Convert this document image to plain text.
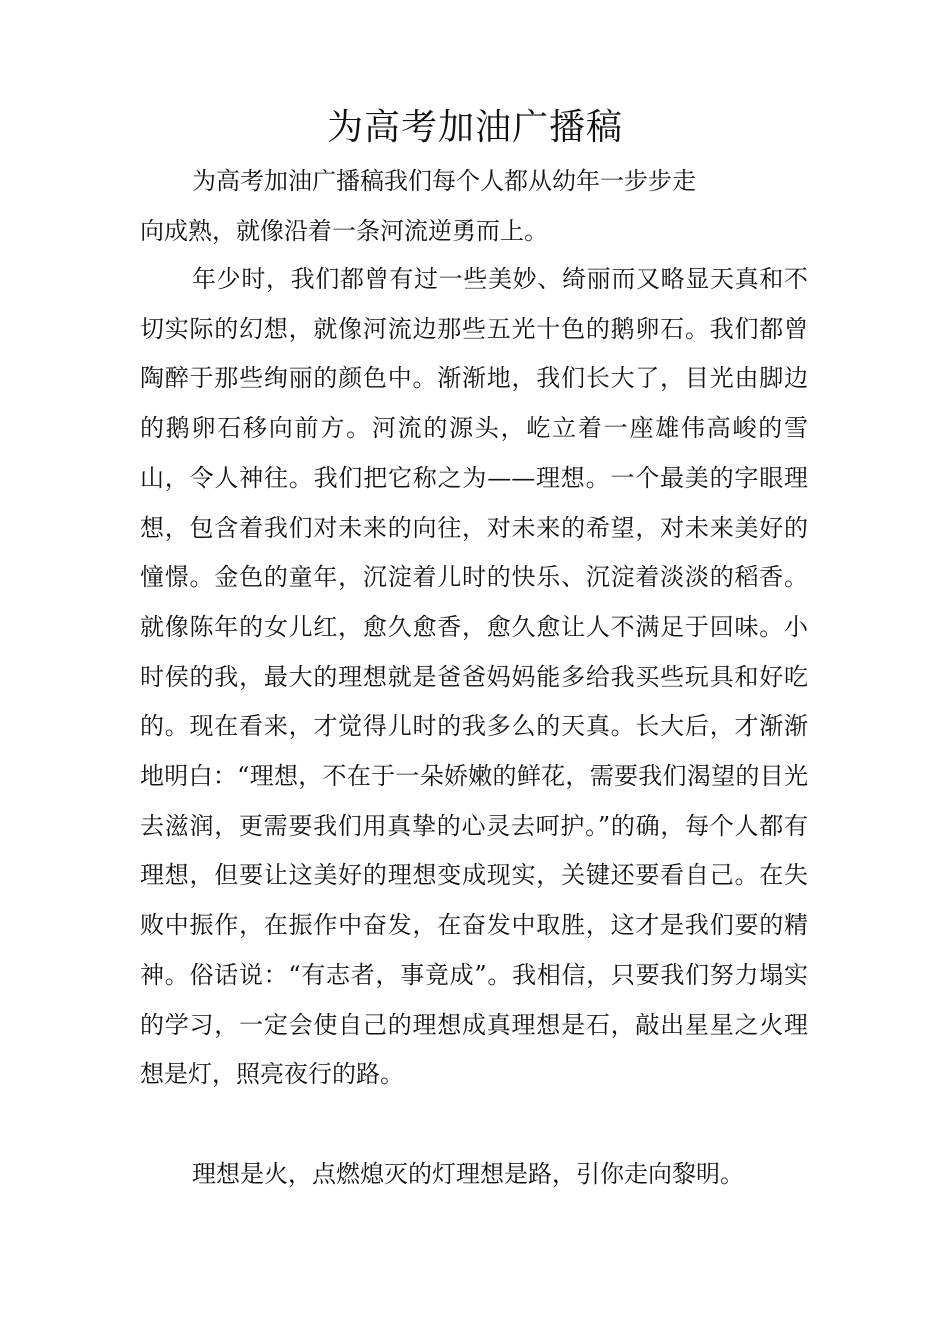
为高考加油广播稿

为高考加油广播稿我们每个人都从幼年一步步走
向成熟，就像沿着一条河流逆勇而上。

年少时，我们都曾有过一些美妙、绮丽而又略显天真和不切实际的幻想，就像河流边那些五光十色的鹅卵石。我们都曾陶醉于那些绚丽的颜色中。渐渐地，我们长大了，目光由脚边的鹅卵石移向前方。河流的源头，屹立着一座雄伟高峻的雪山，令人神往。我们把它称之为——理想。一个最美的字眼理想，包含着我们对未来的向往，对未来的希望，对未来美好的憧憬。金色的童年，沉淀着儿时的快乐、沉淀着淡淡的稻香。就像陈年的女儿红，愈久愈香，愈久愈让人不满足于回味。小时侯的我，最大的理想就是爸爸妈妈能多给我买些玩具和好吃的。现在看来，才觉得儿时的我多么的天真。长大后，才渐渐地明白：“理想，不在于一朵娇嫩的鲜花，需要我们渴望的目光去滋润，更需要我们用真挚的心灵去呵护。”的确，每个人都有理想，但要让这美好的理想变成现实，关键还要看自己。在失败中振作，在振作中奋发，在奋发中取胜，这才是我们要的精神。俗话说：“有志者，事竟成”。我相信，只要我们努力塌实的学习，一定会使自己的理想成真理想是石，敲出星星之火理想是灯，照亮夜行的路。

理想是火，点燃熄灭的灯理想是路，引你走向黎明。
